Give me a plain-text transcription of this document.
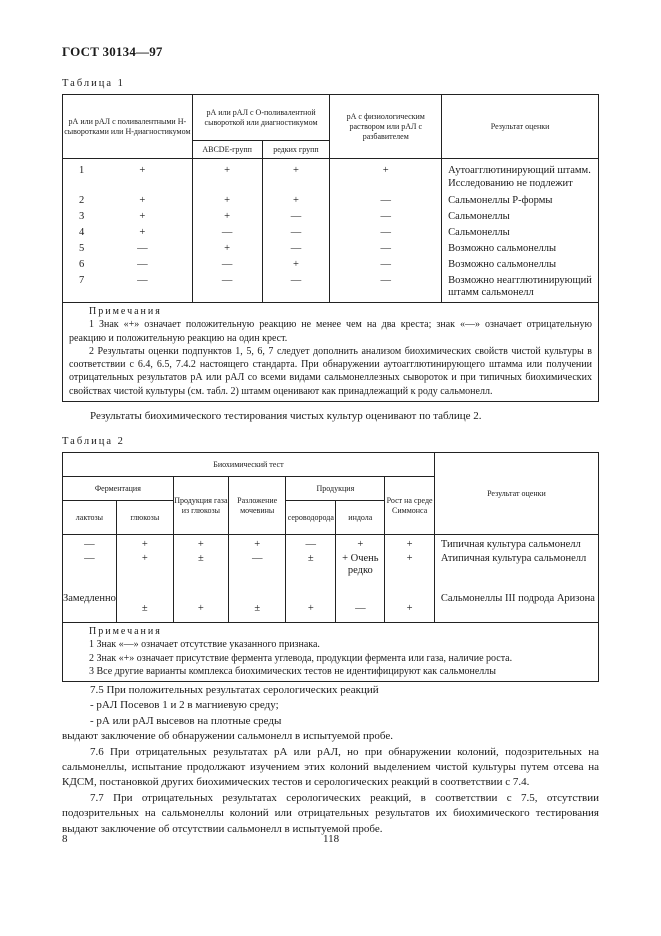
ГОСТ 30134—97
Таблица 1
рА или рАЛ с поливалентными Н-сыворотками или Н-диагностикумом	рА или рАЛ с О-поливалентной сывороткой или диагностикумом		рА с физиологическим раствором или рАЛ с разбавителем	Результат оценки
	ABCDE-групп	редких групп		

1 +	+	+	+	Аутоагглютинирующий штамм. Исследованию не подлежит

2 +	+	+	—	Сальмонеллы Р-формы

3 +	+	—	—	Сальмонеллы

4 +	—	—	—	Сальмонеллы

5 —	+	—	—	Возможно сальмонеллы

6 —	—	+	—	Возможно сальмонеллы

7 —	—	—	—	Возможно неагглютинирующий штамм сальмонелл

Примечания
1 Знак «+» означает положительную реакцию не менее чем на два креста; знак «—» означает отрицательную реакцию и положительную реакцию на один крест.
2 Результаты оценки подпунктов 1, 5, 6, 7 следует дополнить анализом биохимических свойств чистой культуры в соответствии с 6.4, 6.5, 7.4.2 настоящего стандарта. При обнаружении аутоагглютинирующего штамма или получении отрицательных результатов рА или рАЛ со всеми видами сальмонеллезных сывороток и при типичных биохимических свойствах чистой культуры (см. табл. 2) штамм оценивают как принадлежащий к роду сальмонелл.				
Результаты биохимического тестирования чистых культур оценивают по таблице 2.
Таблица 2
Биохимический тест							Результат оценки
Ферментация		Продукция газа из глюкозы	Разложение мочевины	Продукция		Рост на среде Симмонса	
лактозы	глюкозы			сероводорода	индола		
—	+	+	+	—	+	+	Типичная культура сальмонелл
—	+	±	—	±	+ Очень редко	+	Атипичная культура сальмонелл
Замедленно	±	+	±	+	—	+	Сальмонеллы III подрода Аризона

Примечания
1 Знак «—» означает отсутствие указанного признака.
2 Знак «+» означает присутствие фермента углевода, продукции фермента или газа, наличие роста.
3 Все другие варианты комплекса биохимических тестов не идентифицируют как сальмонеллы							
7.5 При положительных результатах серологических реакций
- рАЛ Посевов 1 и 2 в магниевую среду;
- рА или рАЛ высевов на плотные среды
выдают заключение об обнаружении сальмонелл в испытуемой пробе.
7.6 При отрицательных результатах рА или рАЛ, но при обнаружении колоний, подозрительных на сальмонеллы, испытание продолжают изучением этих колоний выделением чистой культуры путем отсева на КДСМ, постановкой других биохимических тестов и серологических реакций в соответствии с 7.4.
7.7 При отрицательных результатах серологических реакций, в соответствии с 7.5, отсутствии подозрительных на сальмонеллы колоний или отрицательных результатов их биохимического тестирования выдают заключение об отсутствии сальмонелл в испытуемой пробе.
8	118
